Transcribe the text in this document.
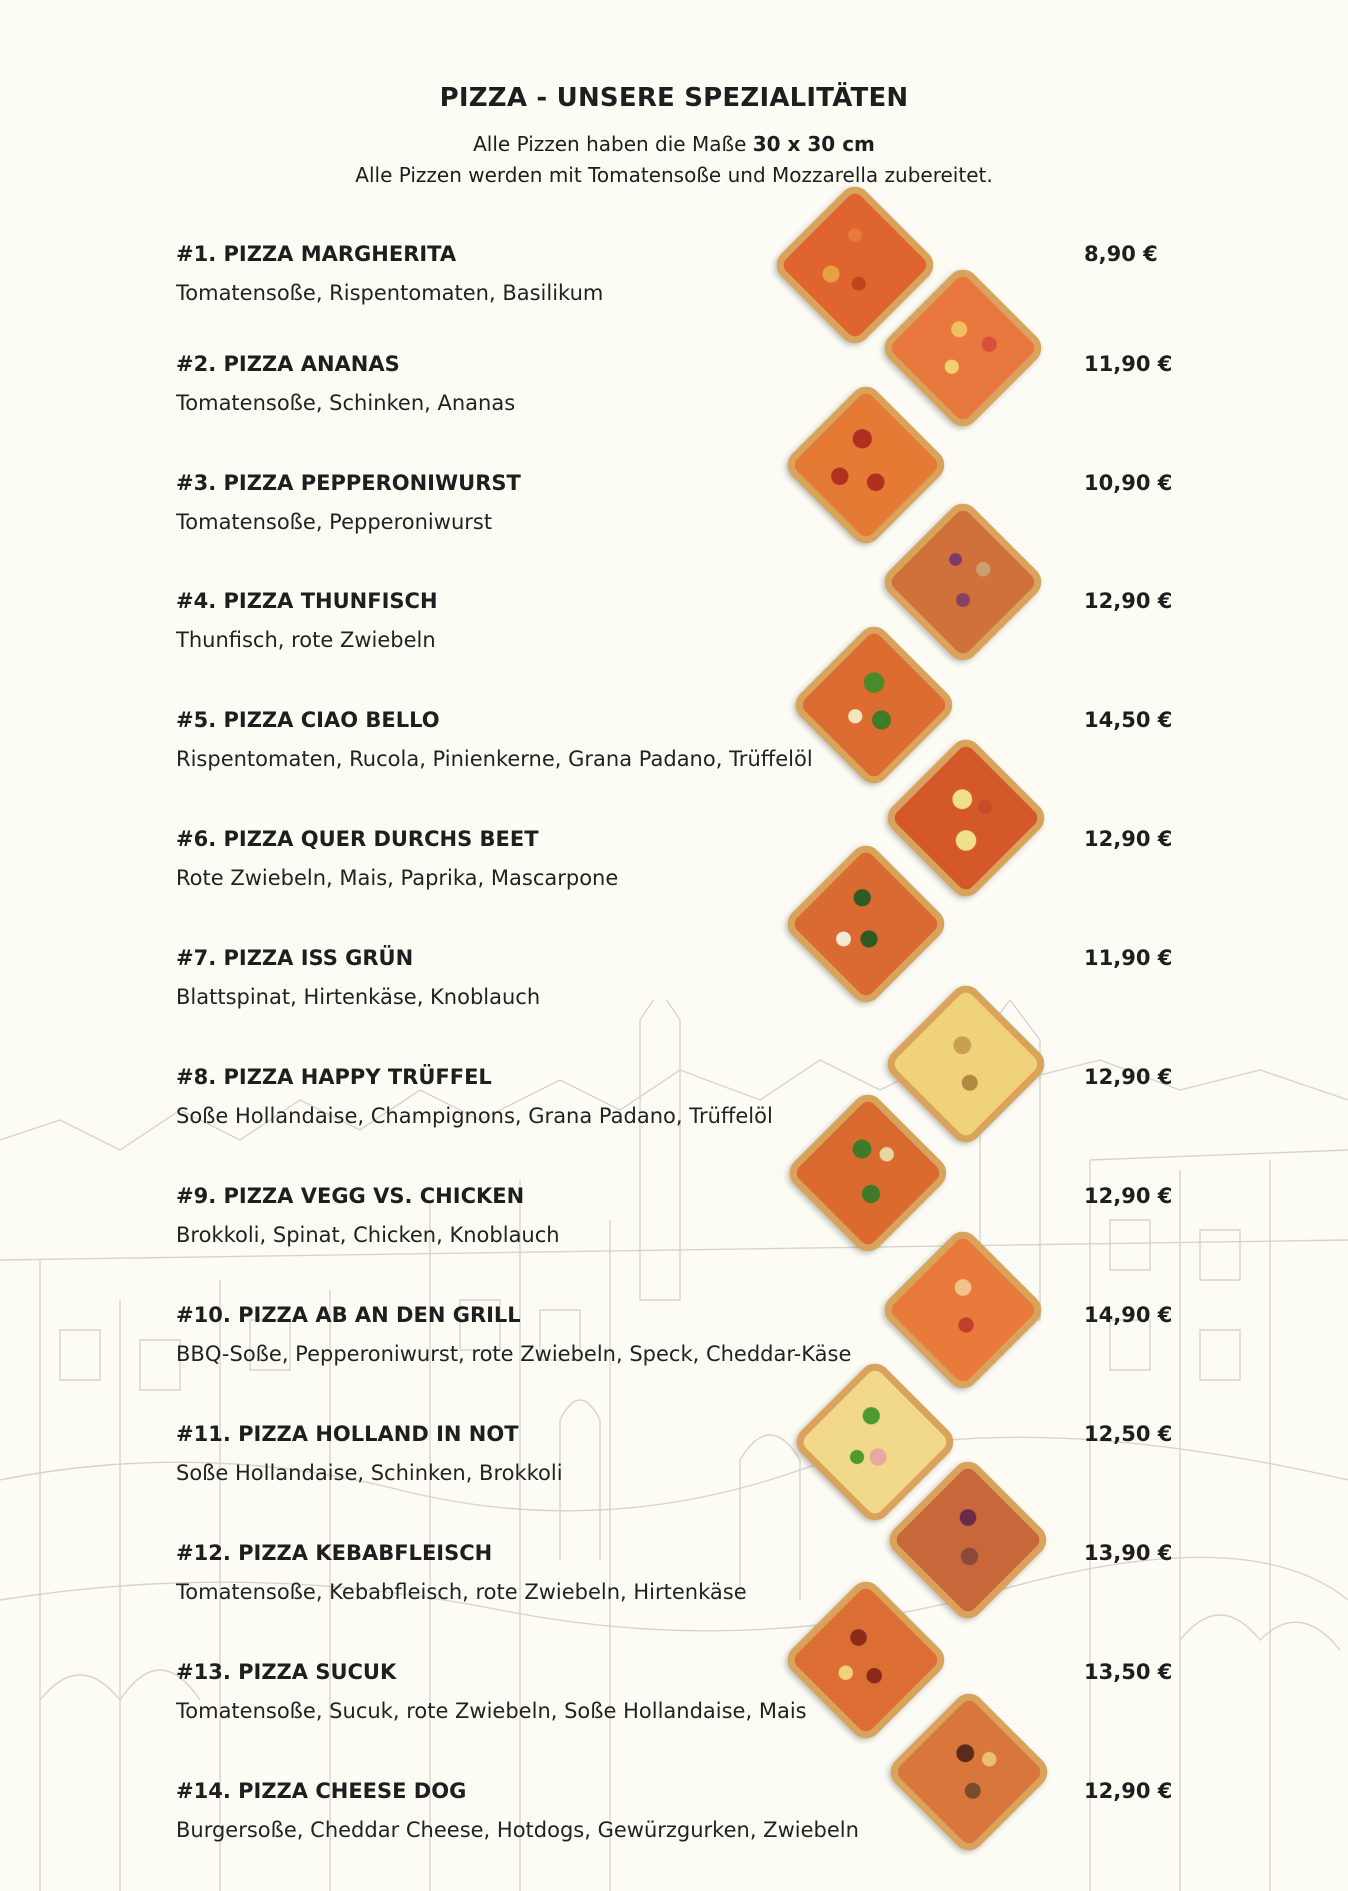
PIZZA - UNSERE SPEZIALITÄTEN
Alle Pizzen haben die Maße 30 x 30 cm
Alle Pizzen werden mit Tomatensoße und Mozzarella zubereitet.
#1. PIZZA MARGHERITA
Tomatensoße, Rispentomaten, Basilikum
8,90 €
#2. PIZZA ANANAS
Tomatensoße, Schinken, Ananas
11,90 €
#3. PIZZA PEPPERONIWURST
Tomatensoße, Pepperoniwurst
10,90 €
#4. PIZZA THUNFISCH
Thunfisch, rote Zwiebeln
12,90 €
#5. PIZZA CIAO BELLO
Rispentomaten, Rucola, Pinienkerne, Grana Padano, Trüffelöl
14,50 €
#6. PIZZA QUER DURCHS BEET
Rote Zwiebeln, Mais, Paprika, Mascarpone
12,90 €
#7. PIZZA ISS GRÜN
Blattspinat, Hirtenkäse, Knoblauch
11,90 €
#8. PIZZA HAPPY TRÜFFEL
Soße Hollandaise, Champignons, Grana Padano, Trüffelöl
12,90 €
#9. PIZZA VEGG VS. CHICKEN
Brokkoli, Spinat, Chicken, Knoblauch
12,90 €
#10. PIZZA AB AN DEN GRILL
BBQ-Soße, Pepperoniwurst, rote Zwiebeln, Speck, Cheddar-Käse
14,90 €
#11. PIZZA HOLLAND IN NOT
Soße Hollandaise, Schinken, Brokkoli
12,50 €
#12. PIZZA KEBABFLEISCH
Tomatensoße, Kebabfleisch, rote Zwiebeln, Hirtenkäse
13,90 €
#13. PIZZA SUCUK
Tomatensoße, Sucuk, rote Zwiebeln, Soße Hollandaise, Mais
13,50 €
#14. PIZZA CHEESE DOG
Burgersoße, Cheddar Cheese, Hotdogs, Gewürzgurken, Zwiebeln
12,90 €
